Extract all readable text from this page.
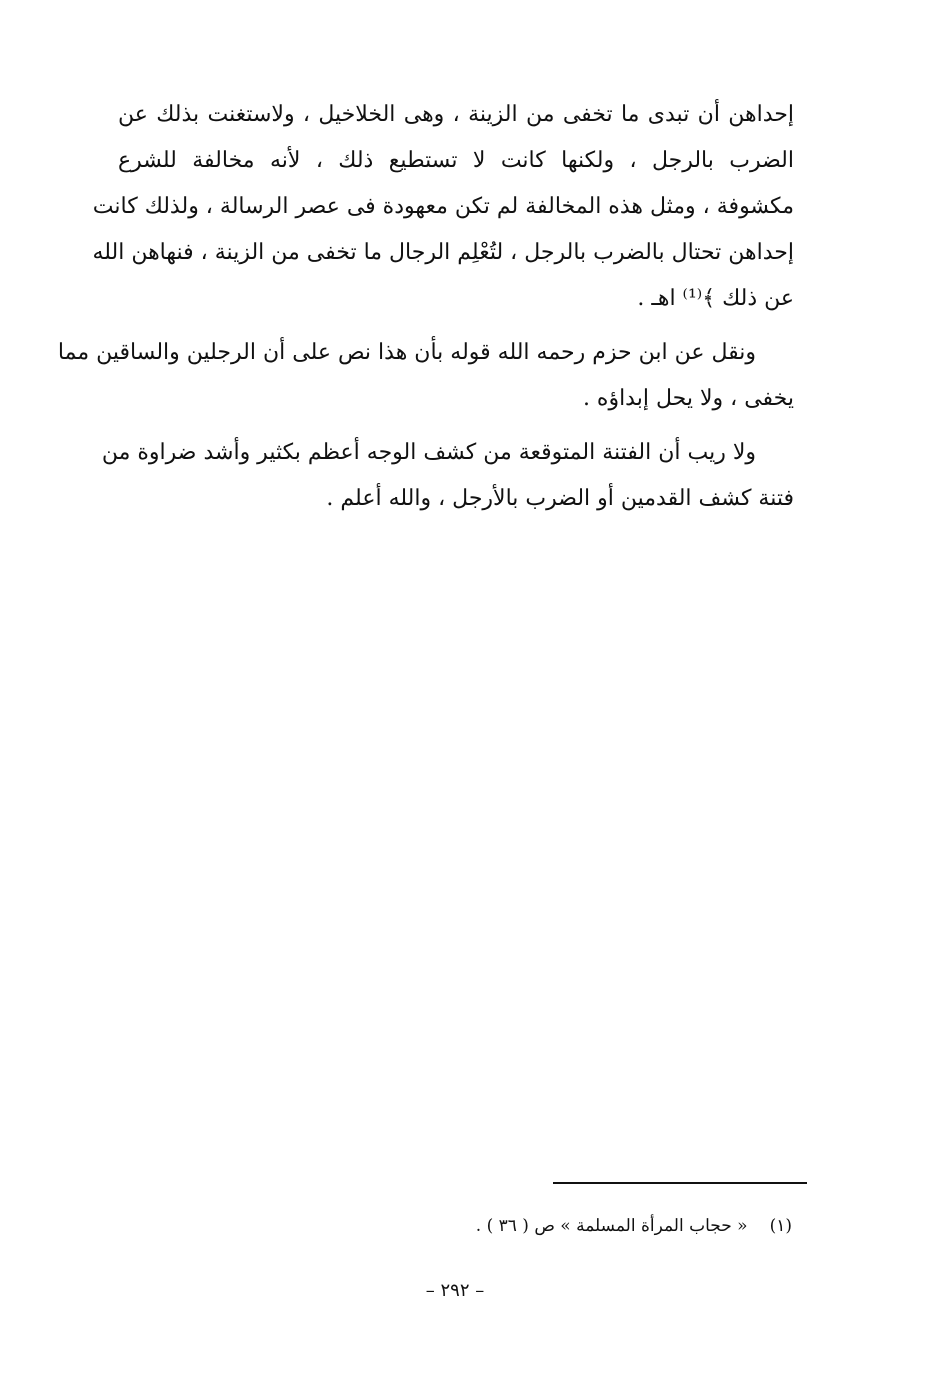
إحداهن أن تبدى ما تخفى من الزينة ، وهى الخلاخيل ، ولاستغنت بذلك عن
الضرب بالرجل ، ولكنها كانت لا تستطيع ذلك ، لأنه مخالفة للشرع
مكشوفة ، ومثل هذه المخالفة لم تكن معهودة فى عصر الرسالة ، ولذلك كانت
إحداهن تحتال بالضرب بالرجل ، لتُعْلِم الرجال ما تخفى من الزينة ، فنهاهن الله
عن ذلك ﴾⁽¹⁾ اهـ .
ونقل عن ابن حزم رحمه الله قوله بأن هذا نص على أن الرجلين والساقين مما
يخفى ، ولا يحل إبداؤه .
ولا ريب أن الفتنة المتوقعة من كشف الوجه أعظم بكثير وأشد ضراوة من
فتنة كشف القدمين أو الضرب بالأرجل ، والله أعلم .
(١)« حجاب المرأة المسلمة » ص ( ٣٦ ) .
– ٢٩٢ –
